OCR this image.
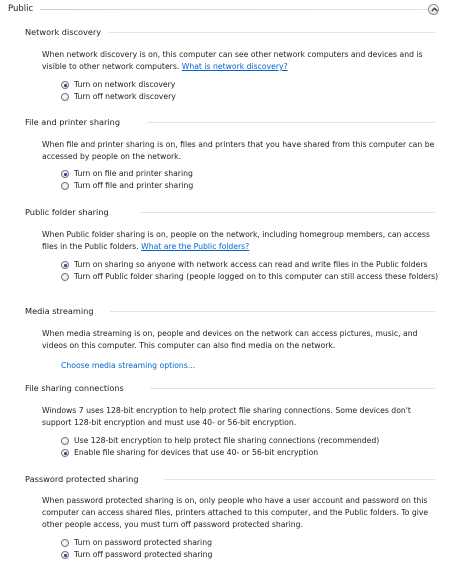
Public
Network discovery
When network discovery is on, this computer can see other network computers and devices and is visible to other network computers. What is network discovery?
Turn on network discovery
Turn off network discovery
File and printer sharing
When file and printer sharing is on, files and printers that you have shared from this computer can be accessed by people on the network.
Turn on file and printer sharing
Turn off file and printer sharing
Public folder sharing
When Public folder sharing is on, people on the network, including homegroup members, can access files in the Public folders. What are the Public folders?
Turn on sharing so anyone with network access can read and write files in the Public folders
Turn off Public folder sharing (people logged on to this computer can still access these folders)
Media streaming
When media streaming is on, people and devices on the network can access pictures, music, and videos on this computer. This computer can also find media on the network.
Choose media streaming options...
File sharing connections
Windows 7 uses 128-bit encryption to help protect file sharing connections. Some devices don't support 128-bit encryption and must use 40- or 56-bit encryption.
Use 128-bit encryption to help protect file sharing connections (recommended)
Enable file sharing for devices that use 40- or 56-bit encryption
Password protected sharing
When password protected sharing is on, only people who have a user account and password on this computer can access shared files, printers attached to this computer, and the Public folders. To give other people access, you must turn off password protected sharing.
Turn on password protected sharing
Turn off password protected sharing
